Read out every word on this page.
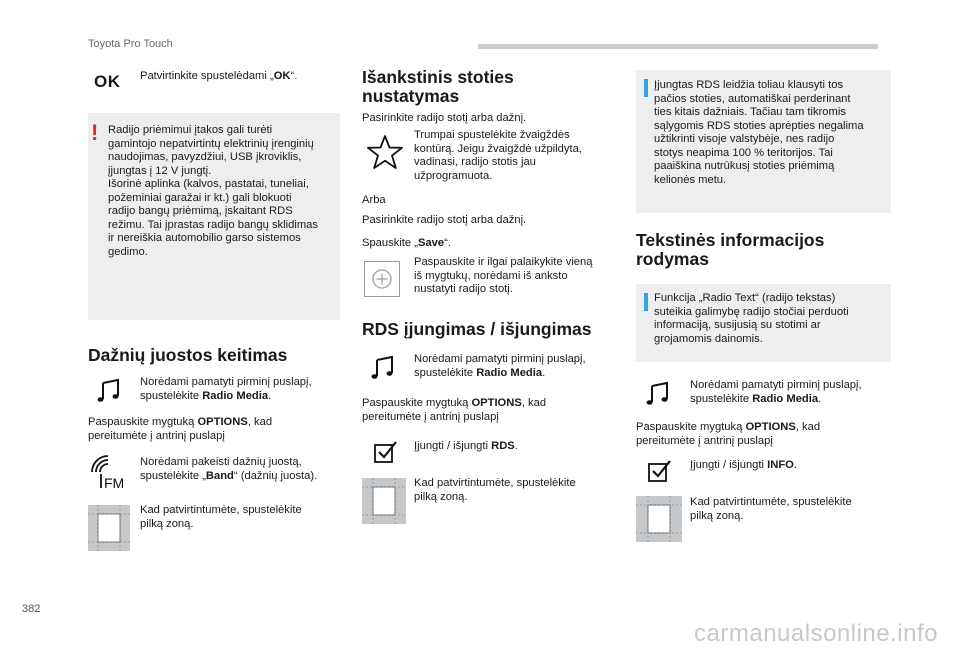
Toyota Pro Touch
OK Patvirtinkite spustelėdami „OK“.
! Radijo priėmimui įtakos gali turėti
gamintojo nepatvirtintų elektrinių įrenginių
naudojimas, pavyzdžiui, USB įkroviklis,
įjungtas į 12 V jungtį.
Išorinė aplinka (kalvos, pastatai, tuneliai,
požeminiai garažai ir kt.) gali blokuoti
radijo bangų priėmimą, įskaitant RDS
režimu. Tai įprastas radijo bangų sklidimas
ir nereiškia automobilio garso sistemos
gedimo.
Dažnių juostos keitimas
Norėdami pamatyti pirminį puslapį,
spustelėkite Radio Media.
Paspauskite mygtuką OPTIONS, kad
pereitumėte į antrinį puslapį
FM
Norėdami pakeisti dažnių juostą,
spustelėkite „Band“ (dažnių juosta).
Kad patvirtintumėte, spustelėkite
pilką zoną.
Išankstinis stoties
nustatymas
Pasirinkite radijo stotį arba dažnį.
Trumpai spustelėkite žvaigždės
kontūrą. Jeigu žvaigždė užpildyta,
vadinasi, radijo stotis jau
užprogramuota.
Arba
Pasirinkite radijo stotį arba dažnį.
Spauskite „Save“.
Paspauskite ir ilgai palaikykite vieną
iš mygtukų, norėdami iš anksto
nustatyti radijo stotį.
RDS įjungimas / išjungimas
Norėdami pamatyti pirminį puslapį,
spustelėkite Radio Media.
Paspauskite mygtuką OPTIONS, kad
pereitumėte į antrinį puslapį
Įjungti / išjungti RDS.
Kad patvirtintumėte, spustelėkite
pilką zoną.
Įjungtas RDS leidžia toliau klausyti tos
pačios stoties, automatiškai perderinant
ties kitais dažniais. Tačiau tam tikromis
sąlygomis RDS stoties aprėpties negalima
užtikrinti visoje valstybėje, nes radijo
stotys neapima 100 % teritorijos. Tai
paaiškina nutrūkusį stoties priėmimą
kelionės metu.
Tekstinės informacijos
rodymas
Funkcija „Radio Text“ (radijo tekstas)
suteikia galimybę radijo stočiai perduoti
informaciją, susijusią su stotimi ar
grojamomis dainomis.
Norėdami pamatyti pirminį puslapį,
spustelėkite Radio Media.
Paspauskite mygtuką OPTIONS, kad
pereitumėte į antrinį puslapį
Įjungti / išjungti INFO.
Kad patvirtintumėte, spustelėkite
pilką zoną.
382
carmanualsonline.info
